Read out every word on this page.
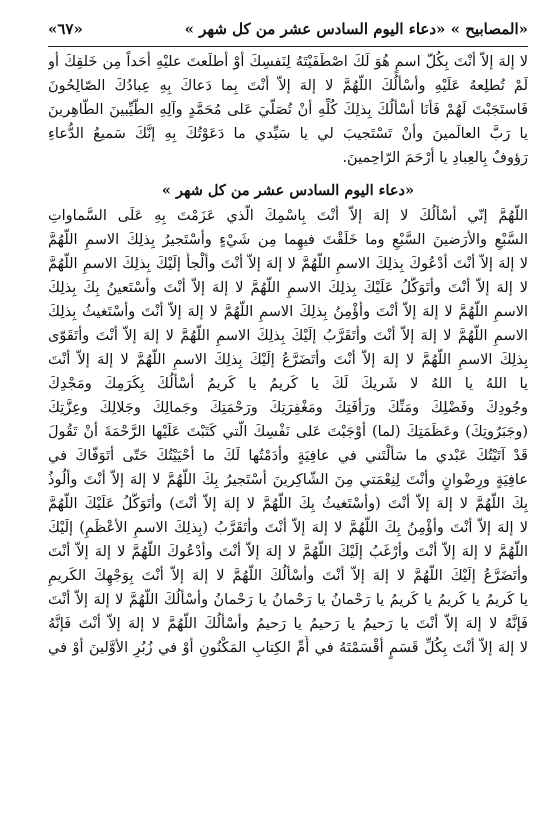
«المصابيح » «دعاء اليوم السادس عشر من كل شهر »
«٦٧»
لا إلهَ إلاّ أنْتَ بِكُلّ اسمٍ هُوَ لَكَ اصْطَفَيْتَهُ لِنَفسِكَ أوْ أطلَعتَ عليْهِ أحَداً مِن خَلقِكَ أو
لَمْ تُطلِعهُ عَلَيْهِ وأسْألُكَ اللّهُمَّ لا إلهَ إلاّ أنْتَ بِما دَعاكَ بِهِ عِبادُكَ الصّالِحُونَ
فَاستَجَبْتَ لَهُمْ فَأنَا أسْألُكَ بِذلِكَ كُلِّهِ أنْ تُصَلّيَ عَلى مُحَمَّدٍ وآلِهِ الطَّيِّبينَ الطّاهِرينَ
يا رَبَّ العالَمينَ وأنْ تَسْتَجيبَ لي يا سَيِّدي ما دَعَوْتُكَ بِهِ إنَّكَ سَميعُ الدُّعاءِ
رَؤوفٌ بِالعِبادِ يا أرْحَمَ الرّاحِمينَ.
«دعاء اليوم السادس عشر من كل شهر »
اللّهُمَّ إنّي أسْألُكَ لا إلهَ إلاّ أنْتَ بِاسْمِكَ الّذي عَزَمْتَ بِهِ عَلَى السَّماواتِ
السَّبْعِ والأرَضينَ السَّبْعِ وما خَلَقْتَ فيهِما مِن شَيْءٍ وأسْتَجيرُ بِذلِكَ الاسمِ اللّهُمَّ
لا إلهَ إلاّ أنْتَ أدْعُوكَ بِذلِكَ الاسمِ اللّهُمَّ لا إلهَ إلاّ أنْتَ وألْجأُ إلَيْكَ بِذلِكَ الاسمِ اللّهُمَّ
لا إلهَ إلاّ أنْتَ وأتَوَكَّلُ عَلَيْكَ بِذلِكَ الاسمِ اللّهُمَّ لا إلهَ إلاّ أنْتَ وأسْتَعينُ بِكَ بِذلِكَ
الاسمِ اللّهُمَّ لا إلهَ إلاّ أنْتَ وأؤْمِنُ بِذلِكَ الاسمِ اللّهُمَّ لا إلهَ إلاّ أنْتَ وأسْتَغيثُ بِذلِكَ
الاسمِ اللّهُمَّ لا إلهَ إلاّ أنْتَ وأتَقَرَّبُ إلَيْكَ بِذلِكَ الاسمِ اللّهُمَّ لا إلهَ إلاّ أنْتَ وأتَقَوّى
بِذلِكَ الاسمِ اللّهُمَّ لا إلهَ إلاّ أنْتَ وأتَضَرَّعُ إلَيْكَ بِذلِكَ الاسمِ اللّهُمَّ لا إلهَ إلاّ أنْتَ
يا اللهُ يا اللهُ لا شَريكَ لَكَ يا كَريمُ يا كَريمُ أسْألُكَ بِكَرَمِكَ ومَجْدِكَ
وجُودِكَ وفَضْلِكَ ومَنِّكَ ورَأفَتِكَ ومَغْفِرَتِكَ ورَحْمَتِكَ وجَمالِكَ وجَلالِكَ وعِزَّتِكَ
(وجَبَرُوتِكَ) وعَظَمَتِكَ (لما) أوْجَبْتَ عَلى نَفْسِكَ الّتي كَتَبْتَ عَلَيْها الرَّحْمَةَ أنْ تَقُولَ
قَدْ آتَيْتُكَ عَبْدي ما سَألْتَني في عافِيَةٍ وأدَمْتُها لَكَ ما أحْيَيْتُكَ حَتّى أتَوَفّاكَ في
عافِيَةٍ ورِضْوانٍ وأنْتَ لِنِعْمَتي مِنَ الشّاكِرينَ أسْتَجيرُ بِكَ اللّهُمَّ لا إلهَ إلاّ أنْتَ وألُوذُ
بِكَ اللّهُمَّ لا إلهَ إلاّ أنْتَ (وأسْتَغيثُ بِكَ اللّهُمَّ لا إلهَ إلاّ أنْتَ) وأتَوَكَّلُ عَلَيْكَ اللّهُمَّ
لا إلهَ إلاّ أنْتَ وأؤْمِنُ بِكَ اللّهُمَّ لا إلهَ إلاّ أنْتَ وأتَقَرَّبُ (بِذلِكَ الاسمِ الأعْظَمِ) إلَيْكَ
اللّهُمَّ لا إلهَ إلاّ أنْتَ وأرْغَبُ إلَيْكَ اللّهُمَّ لا إلهَ إلاّ أنْتَ وأدْعُوكَ اللّهُمَّ لا إلهَ إلاّ أنْتَ
وأتَضَرَّعُ إلَيْكَ اللّهُمَّ لا إلهَ إلاّ أنْتَ وأسْألُكَ اللّهُمَّ لا إلهَ إلاّ أنْتَ بِوَجْهِكَ الكَريمِ
يا كَريمُ يا كَريمُ يا كَريمُ يا رَحْمانُ يا رَحْمانُ يا رَحْمانُ وأسْألُكَ اللّهُمَّ لا إلهَ إلاّ أنْتَ
فَإنَّهُ لا إلهَ إلاّ أنْتَ يا رَحيمُ يا رَحيمُ يا رَحيمُ وأسْألُكَ اللّهُمَّ لا إلهَ إلاّ أنْتَ فَإنَّهُ
لا إلهَ إلاّ أنْتَ بِكُلِّ قَسَمٍ أقْسَمْتَهُ في أُمِّ الكِتابِ المَكْنُونِ أوْ في زُبُرِ الأوَّلينَ أوْ في
